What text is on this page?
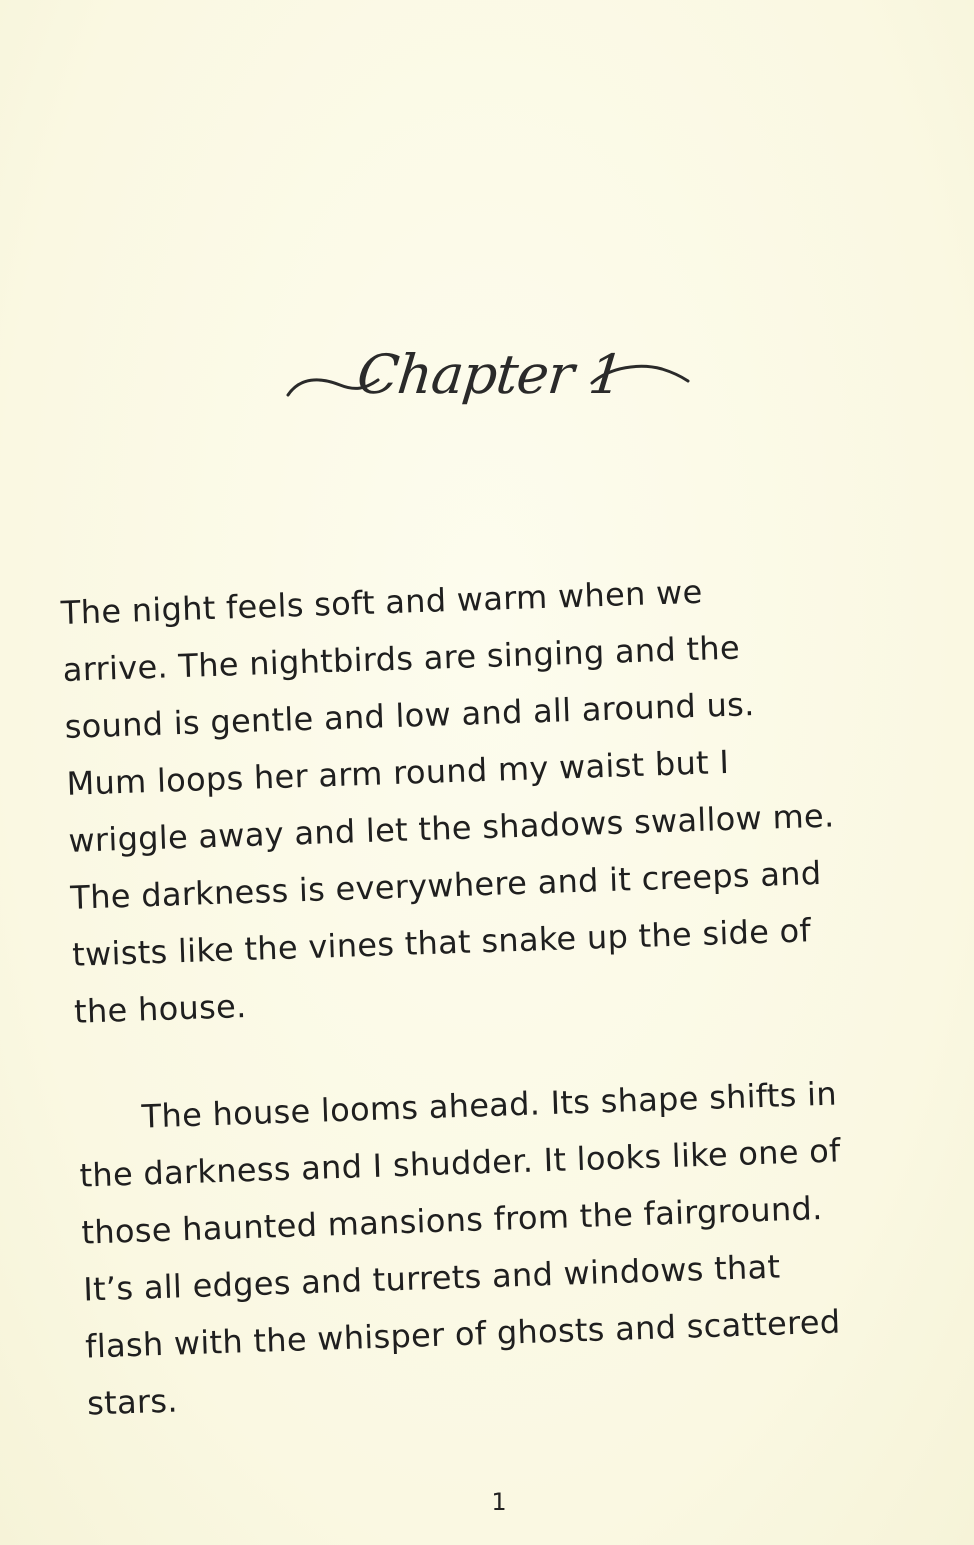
Chapter 1
The night feels soft and warm when we
arrive. The nightbirds are singing and the
sound is gentle and low and all around us.
Mum loops her arm round my waist but I
wriggle away and let the shadows swallow me.
The darkness is everywhere and it creeps and
twists like the vines that snake up the side of
the house.
The house looms ahead. Its shape shifts in
the darkness and I shudder. It looks like one of
those haunted mansions from the fairground.
It’s all edges and turrets and windows that
flash with the whisper of ghosts and scattered
stars.
1
